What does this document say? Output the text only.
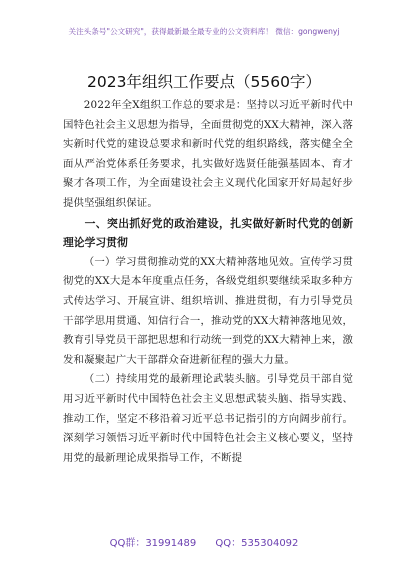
关注头条号"公文研究"，获得最新最全最专业的公文资料库！ 微信：gongwenyj
2023年组织工作要点（5560字）

2022年全X组织工作总的要求是：坚持以习近平新时代中国特色社会主义思想为指导，全面贯彻党的XX大精神，深入落实新时代党的建设总要求和新时代党的组织路线，落实健全全面从严治党体系任务要求，扎实做好选贤任能强基固本、育才聚才各项工作，为全面建设社会主义现代化国家开好局起好步提供坚强组织保证。

一、突出抓好党的政治建设，扎实做好新时代党的创新理论学习贯彻

（一）学习贯彻推动党的XX大精神落地见效。宣传学习贯彻党的XX大是本年度重点任务，各级党组织要继续采取多种方式传达学习、开展宣讲、组织培训、推进贯彻，有力引导党员干部学思用贯通、知信行合一，推动党的XX大精神落地见效，教育引导党员干部把思想和行动统一到党的XX大精神上来，激发和凝聚起广大干部群众奋进新征程的强大力量。

（二）持续用党的最新理论武装头脑。引导党员干部自觉用习近平新时代中国特色社会主义思想武装头脑、指导实践、推动工作，坚定不移沿着习近平总书记指引的方向阔步前行。深刻学习领悟习近平新时代中国特色社会主义核心要义，坚持用党的最新理论成果指导工作，不断提

QQ群：31991489 QQ：535304092
